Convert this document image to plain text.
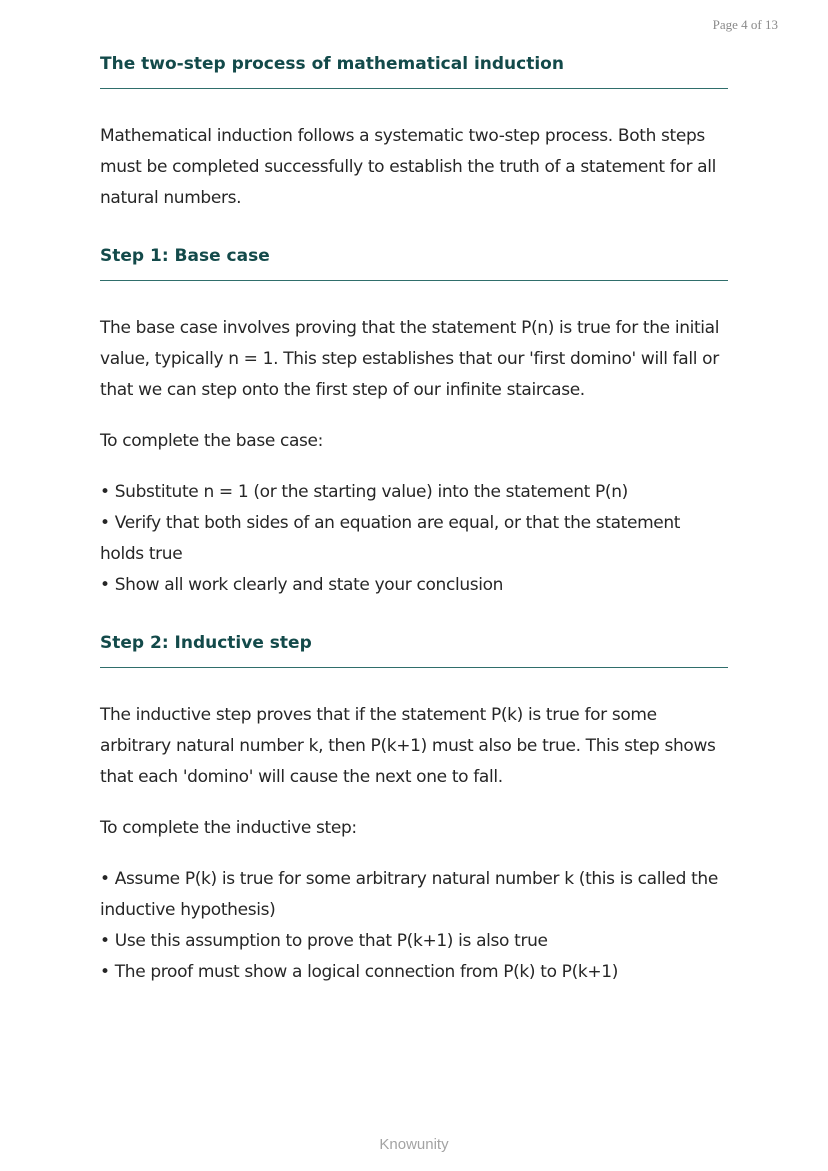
Page 4 of 13
The two-step process of mathematical induction

Mathematical induction follows a systematic two-step process. Both steps must be completed successfully to establish the truth of a statement for all natural numbers.

Step 1: Base case

The base case involves proving that the statement P(n) is true for the initial value, typically n = 1. This step establishes that our 'first domino' will fall or that we can step onto the first step of our infinite staircase.

To complete the base case:

• Substitute n = 1 (or the starting value) into the statement P(n)
• Verify that both sides of an equation are equal, or that the statement holds true
• Show all work clearly and state your conclusion
Step 2: Inductive step

The inductive step proves that if the statement P(k) is true for some arbitrary natural number k, then P(k+1) must also be true. This step shows that each 'domino' will cause the next one to fall.

To complete the inductive step:

• Assume P(k) is true for some arbitrary natural number k (this is called the inductive hypothesis)
• Use this assumption to prove that P(k+1) is also true
• The proof must show a logical connection from P(k) to P(k+1)
Knowunity
